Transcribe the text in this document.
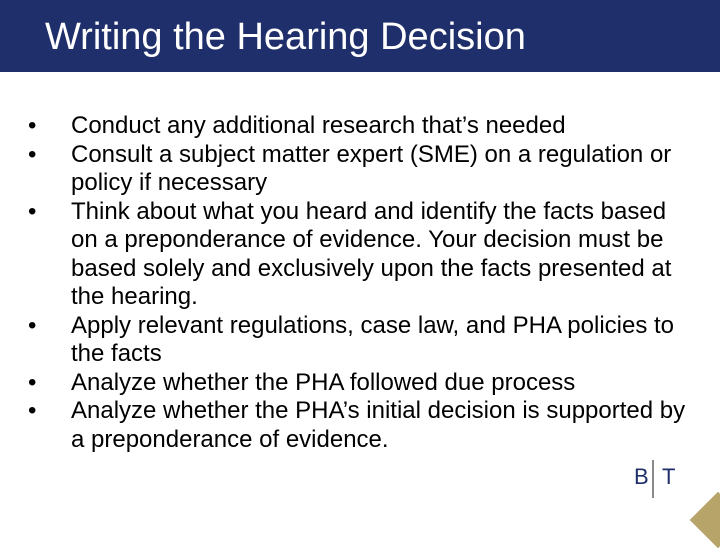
Writing the Hearing Decision
• Conduct any additional research that’s needed
• Consult a subject matter expert (SME) on a regulation or policy if necessary
• Think about what you heard and identify the facts based on a preponderance of evidence. Your decision must be based solely and exclusively upon the facts presented at the hearing.
• Apply relevant regulations, case law, and PHA policies to the facts
• Analyze whether the PHA followed due process
• Analyze whether the PHA’s initial decision is supported by a preponderance of evidence.
B T
